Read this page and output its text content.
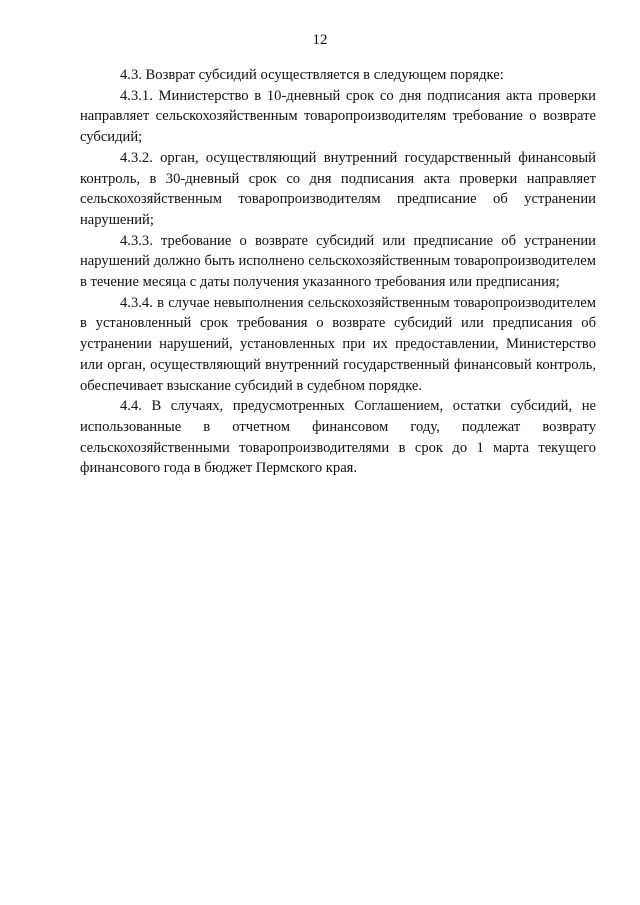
12

4.3. Возврат субсидий осуществляется в следующем порядке:

4.3.1. Министерство в 10-дневный срок со дня подписания акта проверки направляет сельскохозяйственным товаропроизводителям требование о возврате субсидий;

4.3.2. орган, осуществляющий внутренний государственный финансовый контроль, в 30-дневный срок со дня подписания акта проверки направляет сельскохозяйственным товаропроизводителям предписание об устранении нарушений;

4.3.3. требование о возврате субсидий или предписание об устранении нарушений должно быть исполнено сельскохозяйственным товаропроизводителем в течение месяца с даты получения указанного требования или предписания;

4.3.4. в случае невыполнения сельскохозяйственным товаропроизводителем в установленный срок требования о возврате субсидий или предписания об устранении нарушений, установленных при их предоставлении, Министерство или орган, осуществляющий внутренний государственный финансовый контроль, обеспечивает взыскание субсидий в судебном порядке.

4.4. В случаях, предусмотренных Соглашением, остатки субсидий, не использованные в отчетном финансовом году, подлежат возврату сельскохозяйственными товаропроизводителями в срок до 1 марта текущего финансового года в бюджет Пермского края.
